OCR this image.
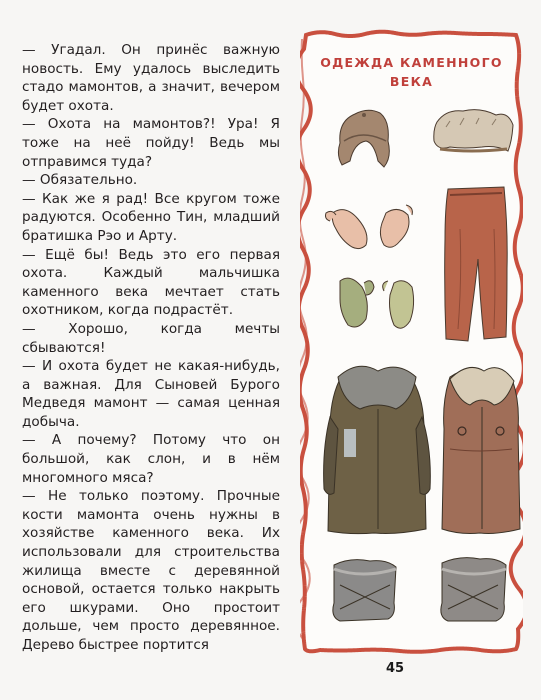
— Угадал. Он принёс важную новость. Ему удалось выследить стадо мамонтов, а значит, вечером будет охота.

— Охота на мамонтов?! Ура! Я тоже на неё пойду! Ведь мы отправимся туда?

— Обязательно.

— Как же я рад! Все кругом тоже радуются. Особенно Тин, младший братишка Рэо и Арту.

— Ещё бы! Ведь это его первая охота. Каждый мальчишка каменного века мечтает стать охотником, когда подрастёт.

— Хорошо, когда мечты сбываются!

— И охота будет не какая-нибудь, а важная. Для Сыновей Бурого Медведя мамонт — самая ценная добыча.

— А почему? Потому что он большой, как слон, и в нём многомного мяса?

— Не только поэтому. Прочные кости мамонта очень нужны в хозяйстве каменного века. Их использовали для строительства жилища вместе с деревянной основой, остается только накрыть его шкурами. Оно простоит дольше, чем просто деревянное. Дерево быстрее портится

ОДЕЖДА КАМЕННОГО
ВЕКА
45
